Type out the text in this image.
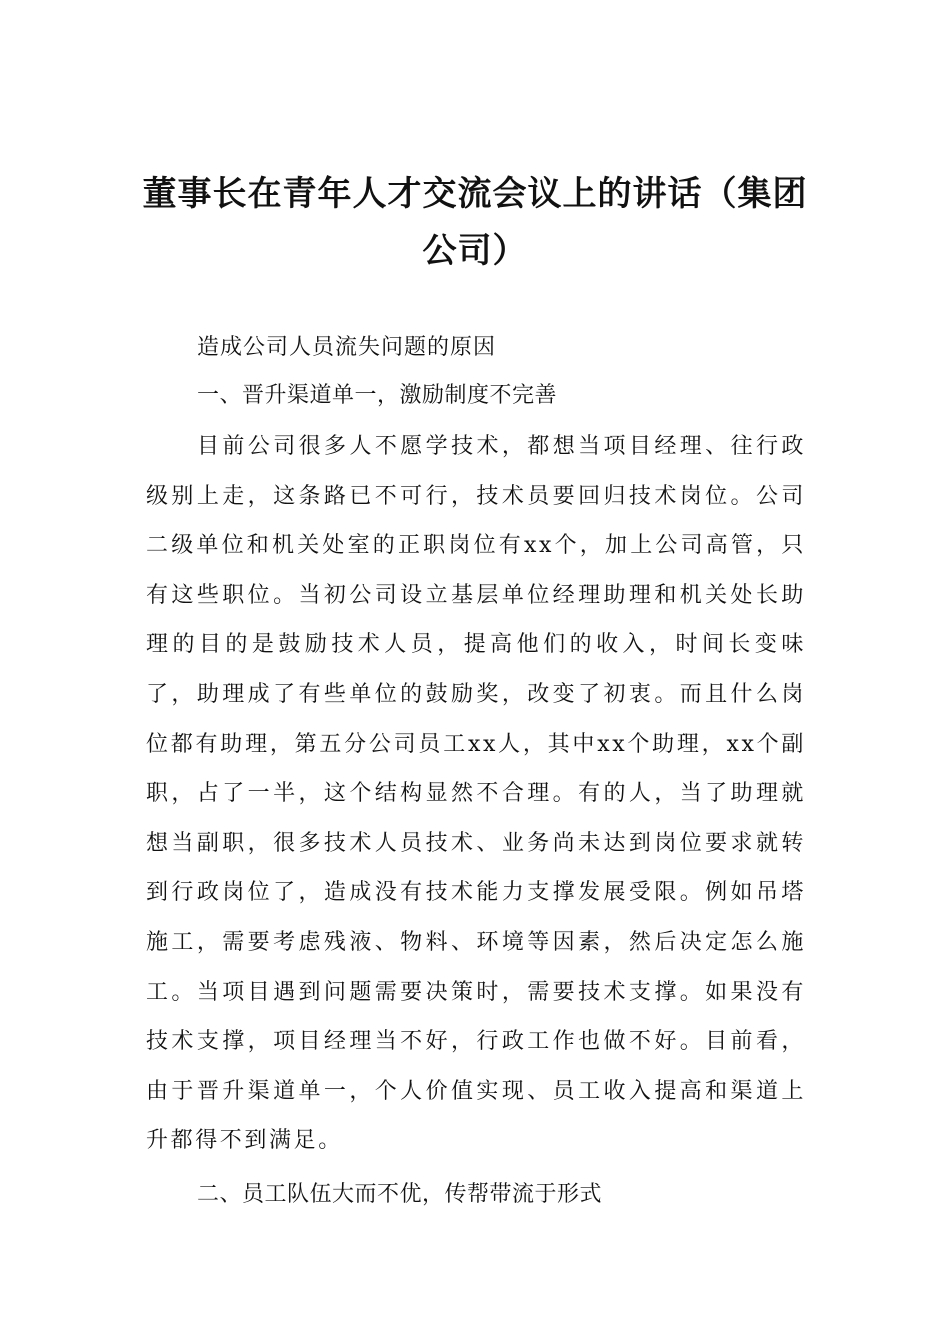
董事长在青年人才交流会议上的讲话（集团公司）

造成公司人员流失问题的原因

一、晋升渠道单一，激励制度不完善

目前公司很多人不愿学技术，都想当项目经理、往行政级别上走，这条路已不可行，技术员要回归技术岗位。公司二级单位和机关处室的正职岗位有xx个，加上公司高管，只有这些职位。当初公司设立基层单位经理助理和机关处长助理的目的是鼓励技术人员，提高他们的收入，时间长变味了，助理成了有些单位的鼓励奖，改变了初衷。而且什么岗位都有助理，第五分公司员工xx人，其中xx个助理，xx个副职，占了一半，这个结构显然不合理。有的人，当了助理就想当副职，很多技术人员技术、业务尚未达到岗位要求就转到行政岗位了，造成没有技术能力支撑发展受限。例如吊塔施工，需要考虑残液、物料、环境等因素，然后决定怎么施工。当项目遇到问题需要决策时，需要技术支撑。如果没有技术支撑，项目经理当不好，行政工作也做不好。目前看，由于晋升渠道单一，个人价值实现、员工收入提高和渠道上升都得不到满足。

二、员工队伍大而不优，传帮带流于形式
